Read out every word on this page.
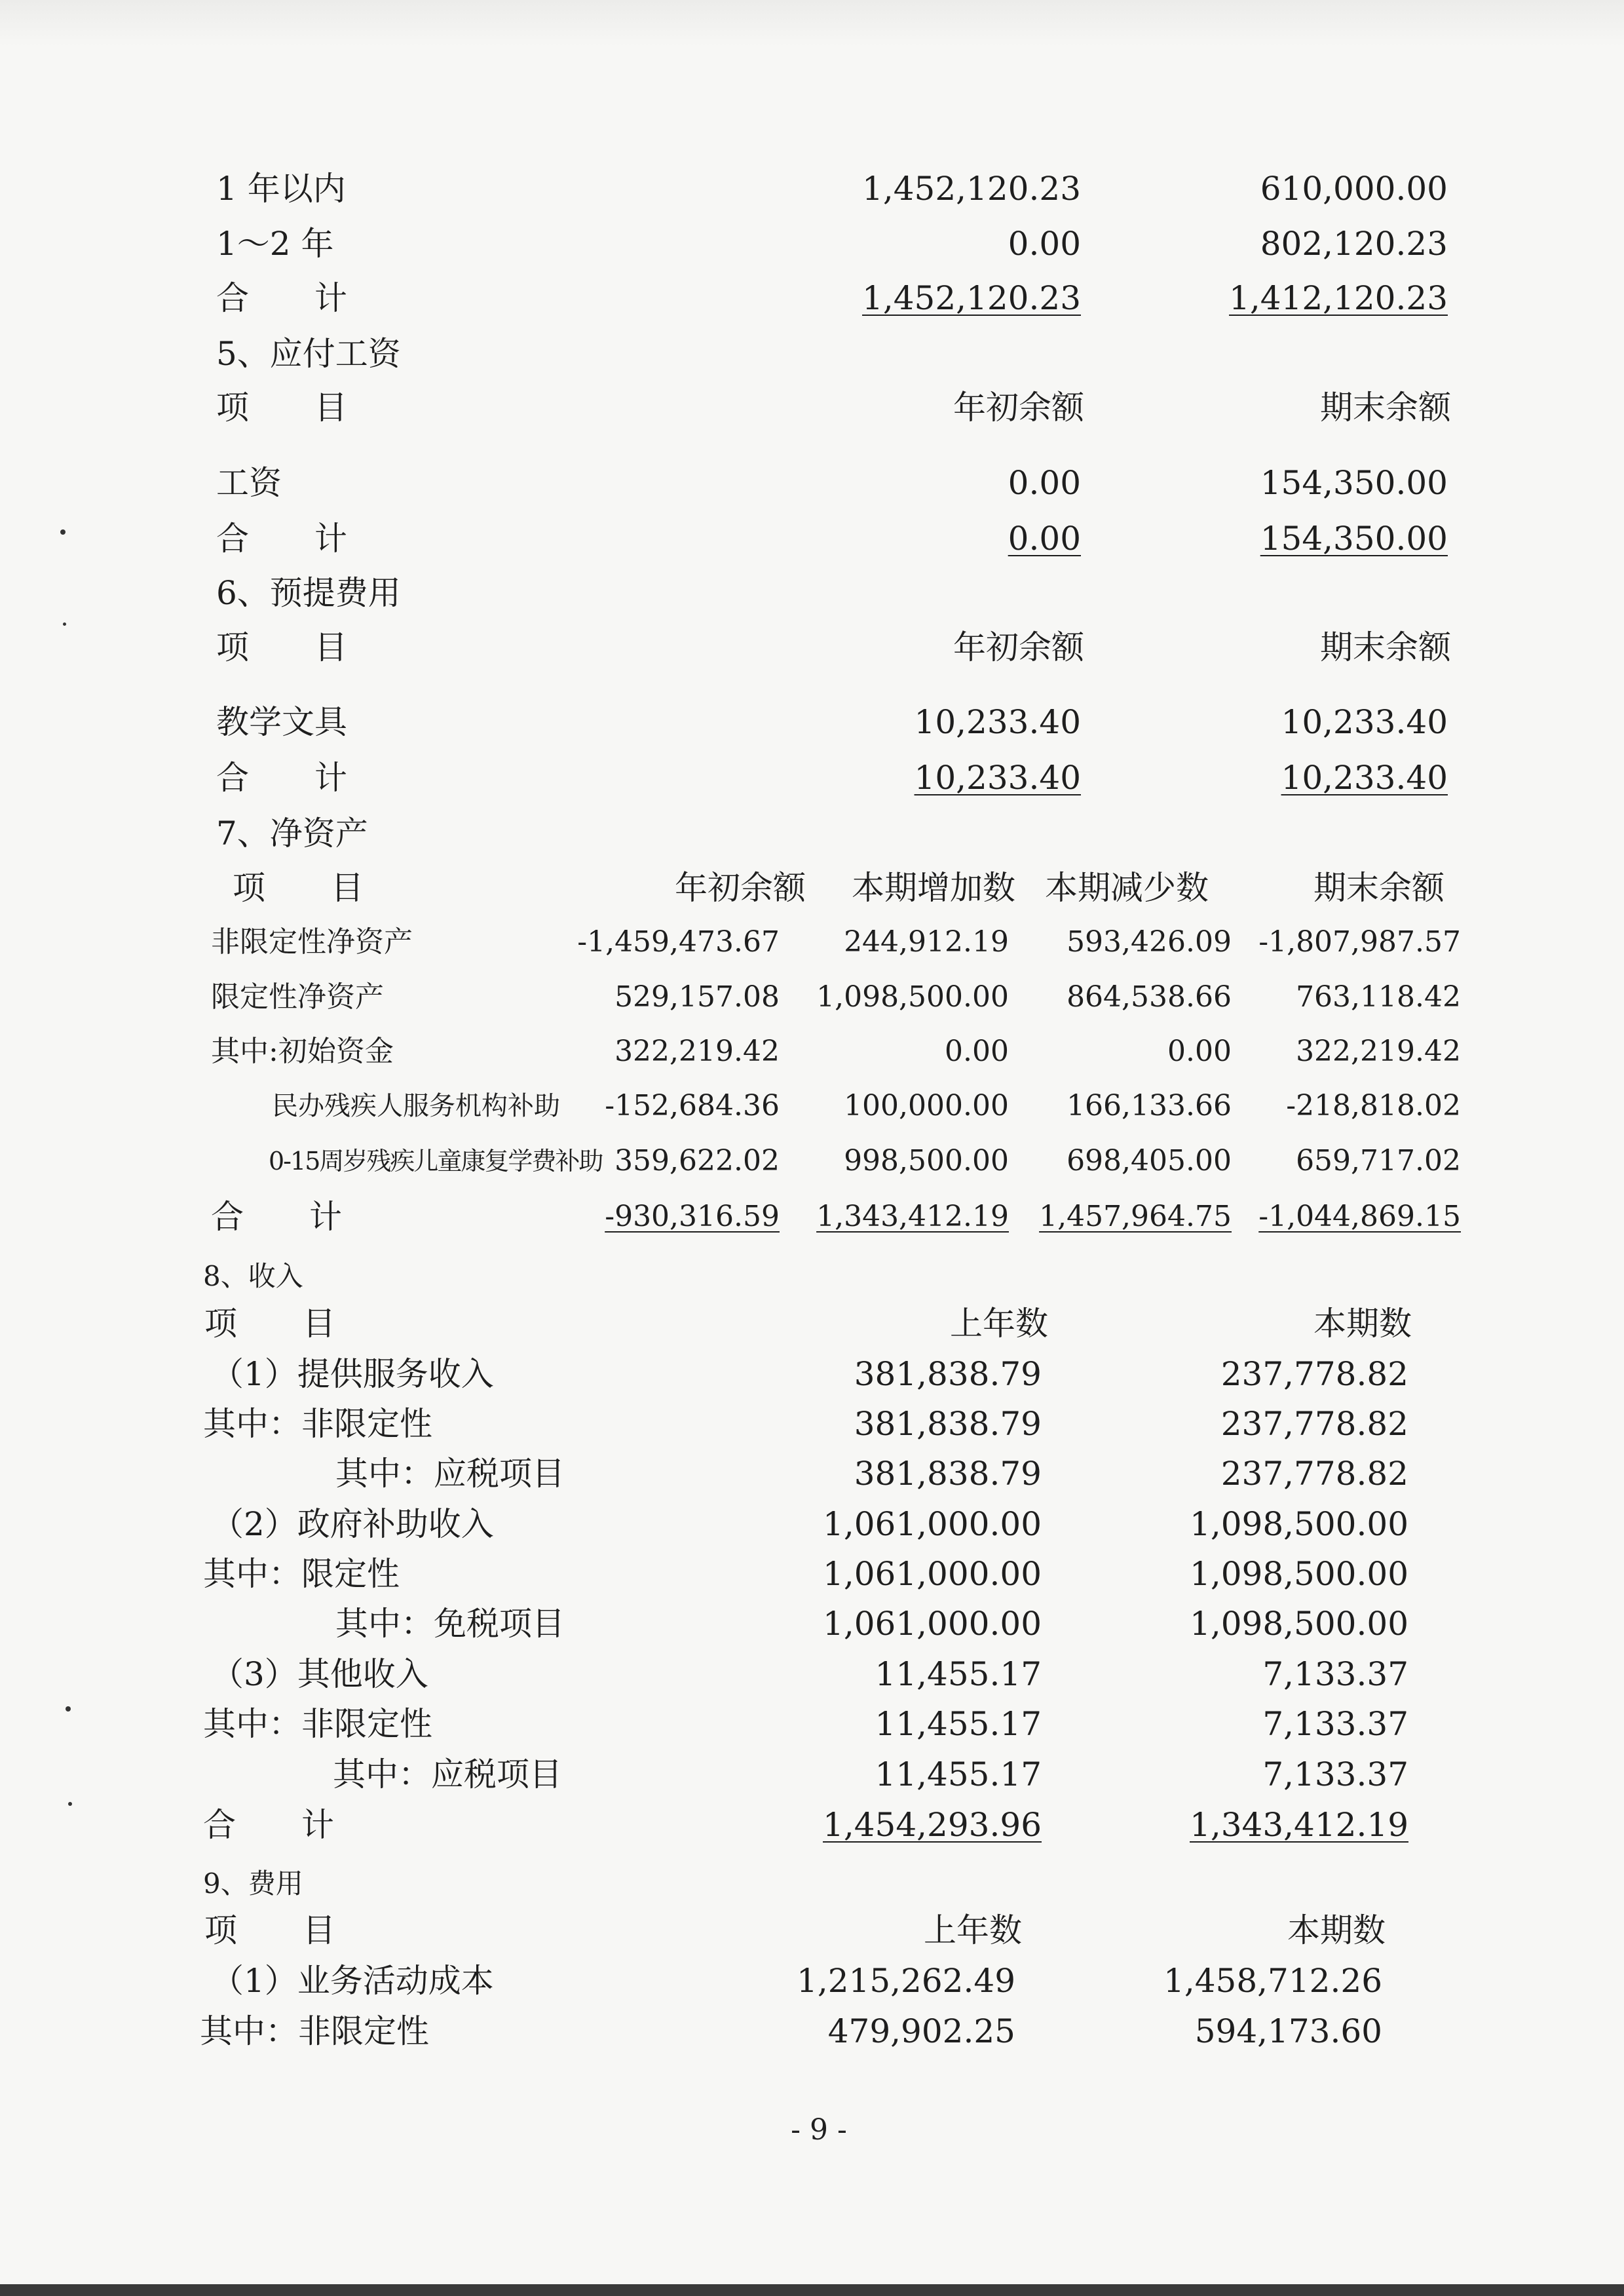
1 年以内	1,452,120.23	610,000.00
1～2 年	0.00	802,120.23
合　　计	1,452,120.23	1,412,120.23
5、应付工资
项　　目	年初余额	期末余额
工资	0.00	154,350.00
合　　计	0.00	154,350.00
6、预提费用
项　　目	年初余额	期末余额
教学文具	10,233.40	10,233.40
合　　计	10,233.40	10,233.40
7、净资产
项　　目	年初余额	本期增加数 本期减少数	期末余额
非限定性净资产	-1,459,473.67	244,912.19	593,426.09 -1,807,987.57
限定性净资产	529,157.08	1,098,500.00	864,538.66	763,118.42
其中:初始资金	322,219.42	0.00	0.00	322,219.42
民办残疾人服务机构补助	-152,684.36	100,000.00	166,133.66	-218,818.02
0-15周岁残疾儿童康复学费补助 359,622.02	998,500.00	698,405.00	659,717.02
合　　计	-930,316.59	1,343,412.19	1,457,964.75 -1,044,869.15
8、收入
项　　目	上年数	本期数
（1）提供服务收入	381,838.79	237,778.82
其中：非限定性	381,838.79	237,778.82
其中：应税项目	381,838.79	237,778.82
（2）政府补助收入	1,061,000.00	1,098,500.00
其中：限定性	1,061,000.00	1,098,500.00
其中：免税项目	1,061,000.00	1,098,500.00
（3）其他收入	11,455.17	7,133.37
其中：非限定性	11,455.17	7,133.37
其中：应税项目	11,455.17	7,133.37
合　　计	1,454,293.96	1,343,412.19
9、费用
项　　目	上年数	本期数
（1）业务活动成本	1,215,262.49	1,458,712.26
其中：非限定性	479,902.25	594,173.60
- 9 -
